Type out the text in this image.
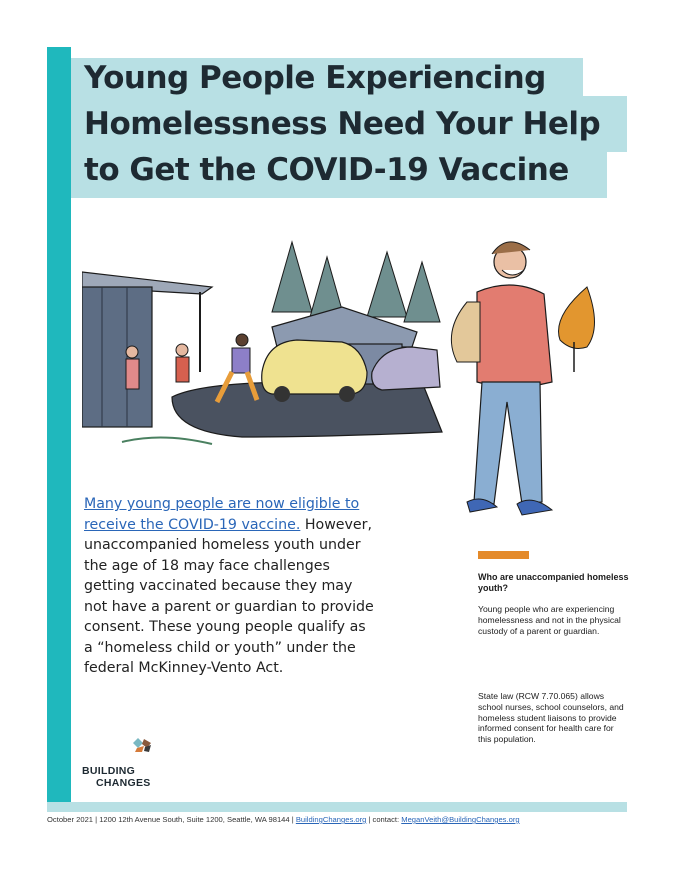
Young People Experiencing
Homelessness Need Your Help
to Get the COVID-19 Vaccine
Many young people are now eligible to receive the COVID-19 vaccine. However, unaccompanied homeless youth under the age of 18 may face challenges getting vaccinated because they may not have a parent or guardian to provide consent. These young people qualify as a “homeless child or youth” under the federal McKinney-Vento Act.
Who are unaccompanied homeless youth?
Young people who are experiencing homelessness and not in the physical custody of a parent or guardian.
State law (RCW 7.70.065) allows school nurses, school counselors, and homeless student liaisons to provide informed consent for health care for this population.
BUILDING
CHANGES
October 2021 | 1200 12th Avenue South, Suite 1200, Seattle, WA 98144 | BuildingChanges.org | contact: MeganVeith@BuildingChanges.org
